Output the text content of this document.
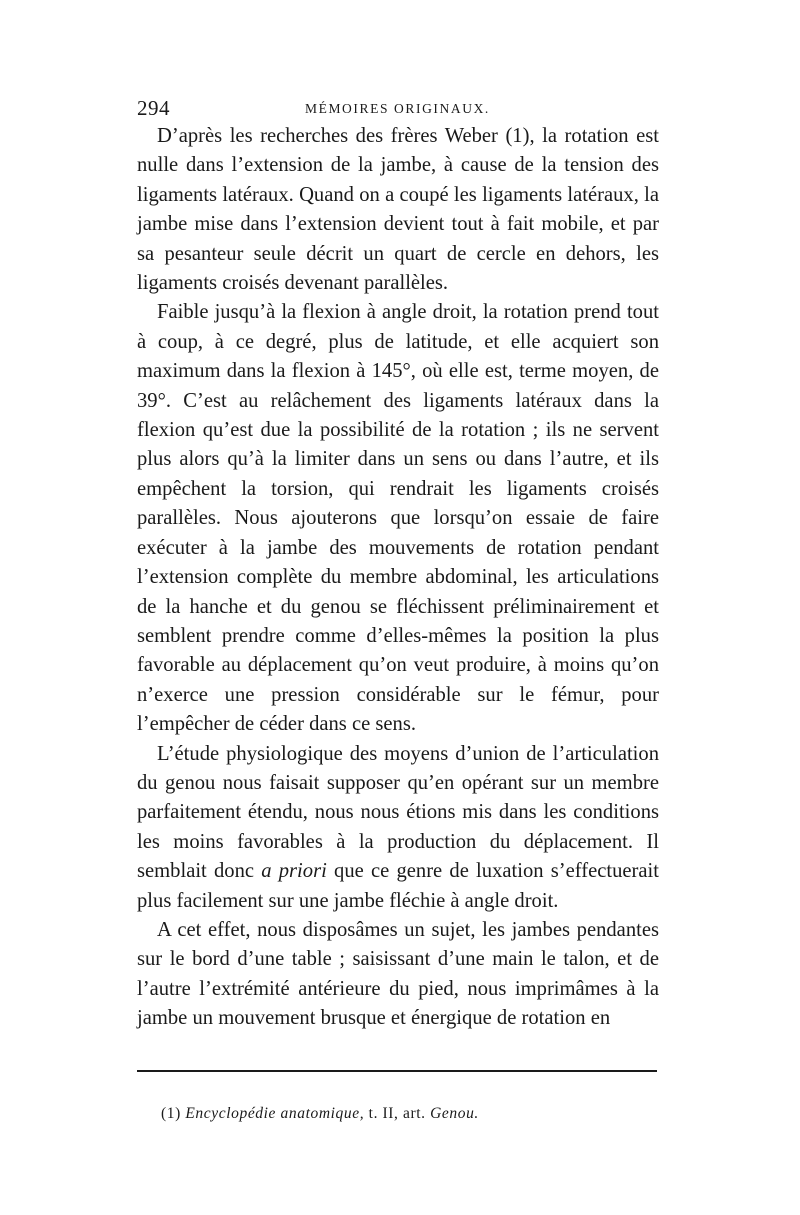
294	MÉMOIRES ORIGINAUX.

D’après les recherches des frères Weber (1), la rotation est nulle dans l’extension de la jambe, à cause de la tension des ligaments latéraux. Quand on a coupé les ligaments latéraux, la jambe mise dans l’extension devient tout à fait mobile, et par sa pesanteur seule décrit un quart de cercle en dehors, les ligaments croisés devenant parallèles.

Faible jusqu’à la flexion à angle droit, la rotation prend tout à coup, à ce degré, plus de latitude, et elle acquiert son maximum dans la flexion à 145°, où elle est, terme moyen, de 39°. C’est au relâchement des ligaments latéraux dans la flexion qu’est due la possibilité de la rotation ; ils ne servent plus alors qu’à la limiter dans un sens ou dans l’autre, et ils empêchent la torsion, qui rendrait les ligaments croisés parallèles. Nous ajouterons que lorsqu’on essaie de faire exécuter à la jambe des mouvements de rotation pendant l’extension complète du membre abdominal, les articulations de la hanche et du genou se fléchissent préliminairement et semblent prendre comme d’elles-mêmes la position la plus favorable au déplacement qu’on veut produire, à moins qu’on n’exerce une pression considérable sur le fémur, pour l’empêcher de céder dans ce sens.

L’étude physiologique des moyens d’union de l’articulation du genou nous faisait supposer qu’en opérant sur un membre parfaitement étendu, nous nous étions mis dans les conditions les moins favorables à la production du déplacement. Il semblait donc a priori que ce genre de luxation s’effectuerait plus facilement sur une jambe fléchie à angle droit.

A cet effet, nous disposâmes un sujet, les jambes pendantes sur le bord d’une table ; saisissant d’une main le talon, et de l’autre l’extrémité antérieure du pied, nous imprimâmes à la jambe un mouvement brusque et énergique de rotation en

(1) Encyclopédie anatomique, t. II, art. Genou.
